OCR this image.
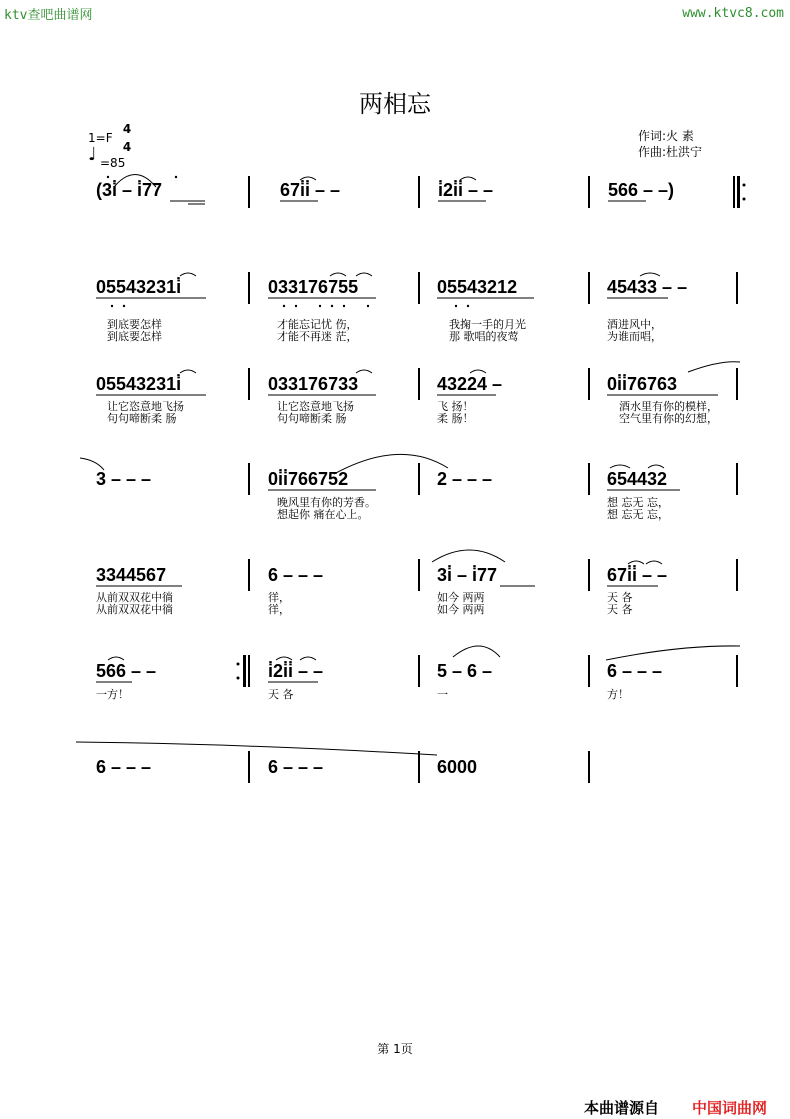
ktv查吧曲谱网	www.ktvc8.com
两相忘
1=F
4
4
♩ =85
作词:火 素
作曲:杜洪宁
(3i̇ – i̇77	67i̇i̇ – –	i̇2i̇i̇ – –	566 – –)
05543231i̇
到底要怎样
到底要怎样
033176755
才能忘记忧 伤，
才能不再迷 茫，
05543212
我掬一手的月光
那 歌唱的夜莺
45433 – –
酒进风中，
为谁而唱，
05543231i̇
让它恣意地飞扬
句句啼断柔 肠
033176733
让它恣意地飞扬
句句啼断柔 肠
43224 –
飞 扬！
柔 肠！
0i̇i̇76763
酒水里有你的模样，
空气里有你的幻想，
3 – – –	0i̇i̇766752
晚风里有你的芳香。
想起你 痛在心上。
2 – – –	654432
想 忘无 忘，
想 忘无 忘，
3344567
从前双双花中徜
从前双双花中徜
6 – – –
徉，
徉，
3i̇ – i̇77
如今 两两
如今 两两
67i̇i̇ – –
天 各
天 各
566 – –
一方！
i̇2i̇i̇ – –
天 各
5 – 6 –
一
6 – – –
方！
6 – – –	6 – – –	6000
第 1页
本曲谱源自 中国词曲网
